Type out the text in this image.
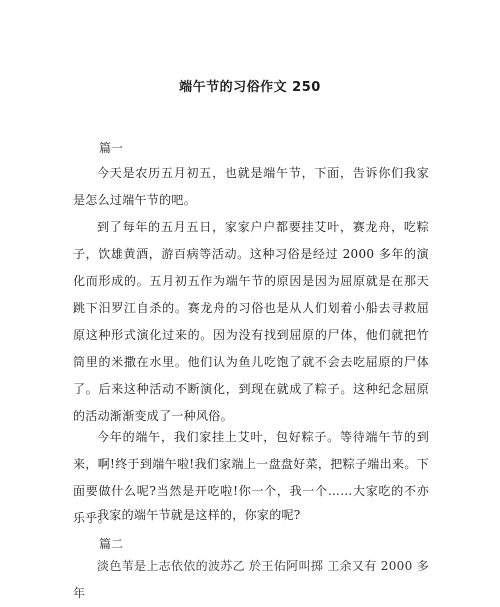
端午节的习俗作文 250
篇一
今天是农历五月初五，也就是端午节，下面，告诉你们我家是怎么过端午节的吧。
到了每年的五月五日，家家户户都要挂艾叶，赛龙舟，吃粽子，饮雄黄酒，游百病等活动。这种习俗是经过 2000 多年的演化而形成的。五月初五作为端午节的原因是因为屈原就是在那天跳下汨罗江自杀的。赛龙舟的习俗也是从人们划着小船去寻救屈原这种形式演化过来的。因为没有找到屈原的尸体，他们就把竹筒里的米撒在水里。他们认为鱼儿吃饱了就不会去吃屈原的尸体了。后来这种活动不断演化，到现在就成了粽子。这种纪念屈原的活动渐渐变成了一种风俗。
今年的端午，我们家挂上艾叶，包好粽子。等待端午节的到来，啊!终于到端午啦!我们家端上一盘盘好菜，把粽子端出来。下面要做什么呢?当然是开吃啦!你一个，我一个……大家吃的不亦乐乎。
我家的端午节就是这样的，你家的呢?
篇二
淡色苇是上志依依的波苏乙 於王佑阿叫掷 工余又有 2000 多年
